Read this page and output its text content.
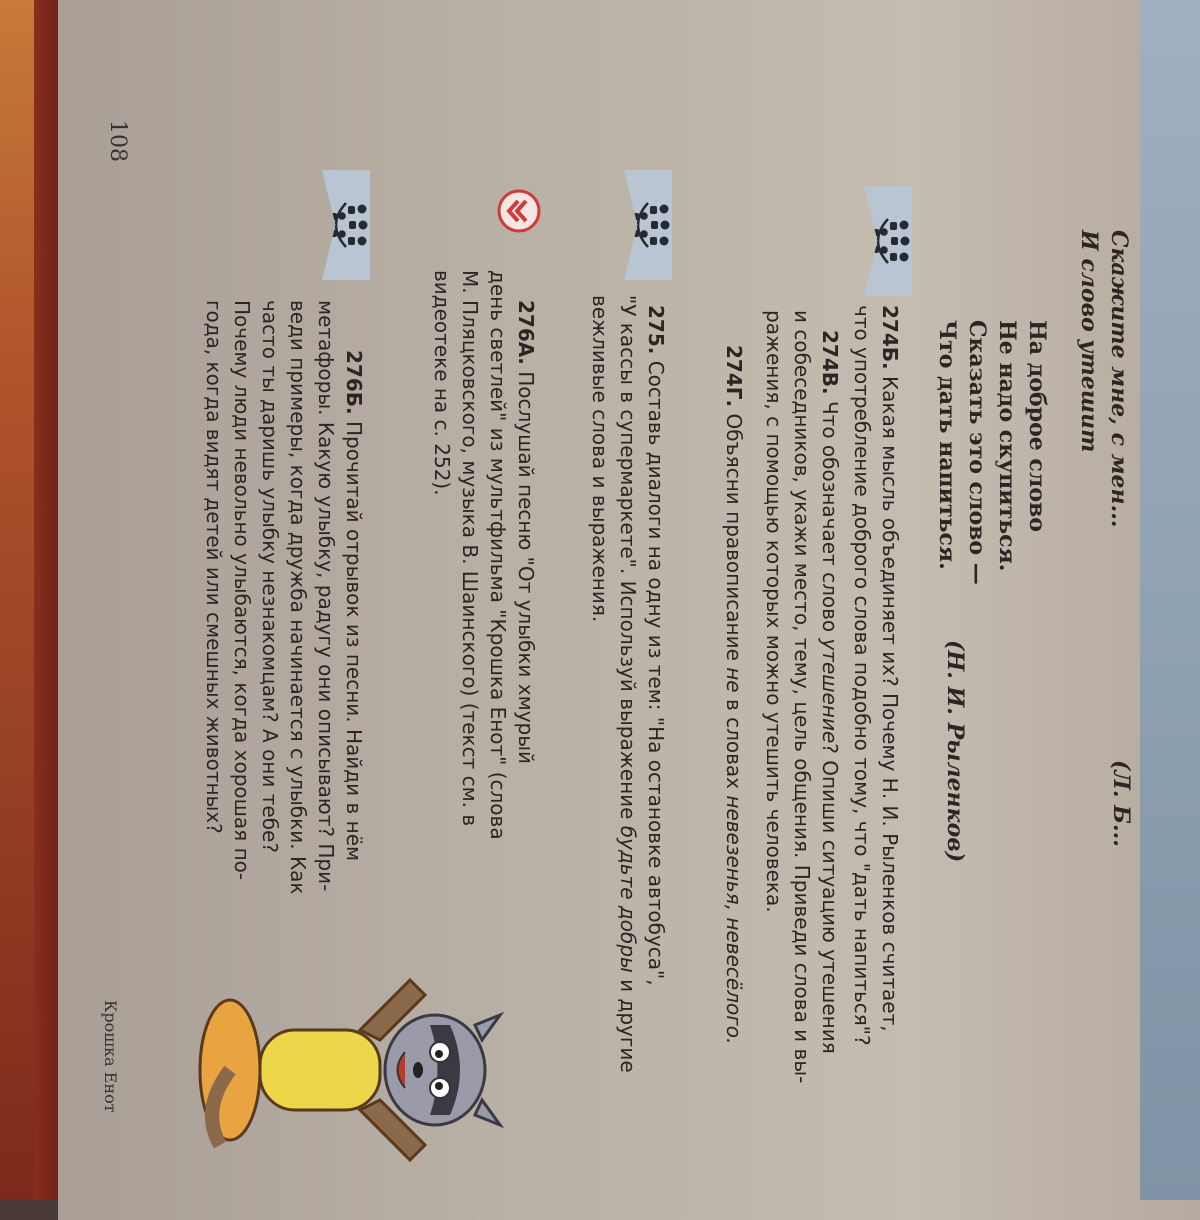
Скажите мне, с мен...
И слово утешит
(Л. Б...
На доброе слово
Не надо скупиться.
Сказать это слово —
Что дать напиться.
(Н. И. Рыленков)
274Б. Какая мысль объединяет их? Почему Н. И. Рыленков считает,
что употребление доброго слова подобно тому, что "дать напиться"?
274В. Что обозначает слово утешение? Опиши ситуацию утешения
и собеседников, укажи место, тему, цель общения. Приведи слова и вы-
ражения, с помощью которых можно утешить человека.
274Г. Объясни правописание не в словах невезенья, невесёлого.
275. Составь диалоги на одну из тем: "На остановке автобуса",
"У кассы в супермаркете". Используй выражение будьте добры и другие
вежливые слова и выражения.
276А. Послушай песню "От улыбки хмурый
день светлей" из мультфильма "Крошка Енот" (слова
М. Пляцковского, музыка В. Шаинского) (текст см. в
видеотеке на с. 252).
276Б. Прочитай отрывок из песни. Найди в нём
метафоры. Какую улыбку, радугу они описывают? При-
веди примеры, когда дружба начинается с улыбки. Как
часто ты даришь улыбку незнакомцам? А они тебе?
Почему люди невольно улыбаются, когда хорошая по-
года, когда видят детей или смешных животных?
Крошка Енот
108
